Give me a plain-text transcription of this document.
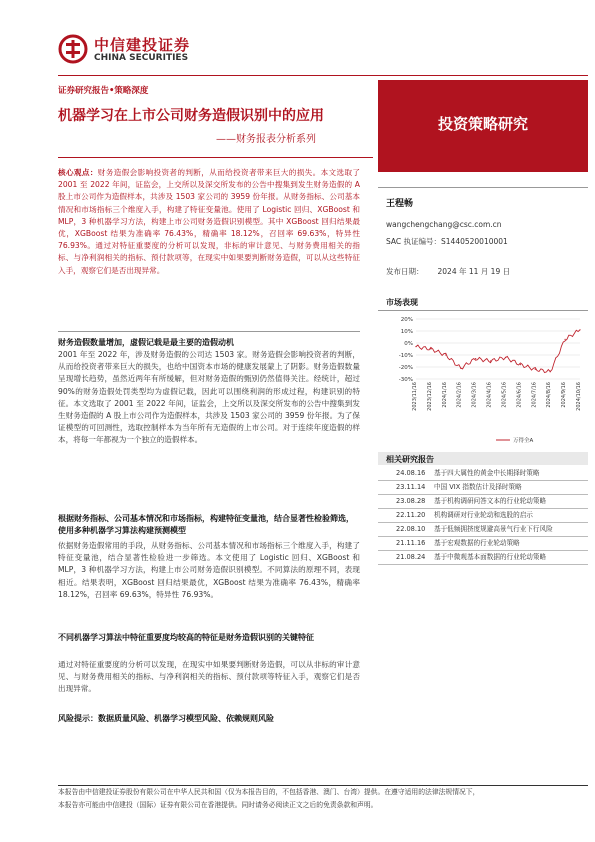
中信建投证券
CHINA SECURITIES
证券研究报告•策略深度
机器学习在上市公司财务造假识别中的应用
——财务报表分析系列
投资策略研究
核心观点：财务造假会影响投资者的判断，从而给投资者带来巨大的损失。本文选取了 2001 至 2022 年间，证监会，上交所以及深交所发布的公告中搜集到发生财务造假的 A 股上市公司作为造假样本，共涉及 1503 家公司的 3959 份年报。从财务指标、公司基本情况和市场指标三个维度入手，构建了特征变量池。使用了 Logistic 回归、XGBoost 和 MLP，3 种机器学习方法，构建上市公司财务造假识别模型。其中 XGBoost 回归结果最优，XGBoost 结果为准确率 76.43%，精确率 18.12%，召回率 69.63%，特异性 76.93%。通过对特征重要度的分析可以发现，非标的审计意见、与财务费用相关的指标、与净利润相关的指标、预付款项等，在现实中如果要判断财务造假，可以从这些特征入手，观察它们是否出现异常。
财务造假数量增加，虚假记载是最主要的造假动机
2001 年至 2022 年，涉及财务造假的公司达 1503 家。财务造假会影响投资者的判断，从而给投资者带来巨大的损失，也给中国资本市场的健康发展蒙上了阴影。财务造假数量呈现增长趋势，虽然近两年有所缓解，但对财务造假的甄别仍然值得关注。经统计，超过 90%的财务造假处罚类型均为虚假记载，因此可以围绕利润的形成过程，构建识别的特征。本文选取了 2001 至 2022 年间，证监会，上交所以及深交所发布的公告中搜集到发生财务造假的 A 股上市公司作为造假样本，共涉及 1503 家公司的 3959 份年报。为了保证模型的可回测性，选取控制样本为当年所有无造假的上市公司。对于连续年度造假的样本，将每一年都视为一个独立的造假样本。
根据财务指标、公司基本情况和市场指标，构建特征变量池，结合显著性检验筛选，使用多种机器学习算法构建预测模型
依据财务造假常用的手段，从财务指标、公司基本情况和市场指标三个维度入手，构建了特征变量池，结合显著性检验进一步筛选。本文使用了 Logistic 回归、XGBoost 和 MLP，3 种机器学习方法，构建上市公司财务造假识别模型。不同算法的原理不同，表现相近。结果表明，XGBoost 回归结果最优，XGBoost 结果为准确率 76.43%，精确率 18.12%，召回率 69.63%，特异性 76.93%。
不同机器学习算法中特征重要度均较高的特征是财务造假识别的关键特征
通过对特征重要度的分析可以发现，在现实中如果要判断财务造假，可以从非标的审计意见、与财务费用相关的指标、与净利润相关的指标、预付款项等特征入手，观察它们是否出现异常。
风险提示：数据质量风险、机器学习模型风险、依赖规则风险
王程畅
wangchengchang@csc.com.cn
SAC 执证编号：S1440520010001
发布日期： 2024 年 11 月 19 日
市场表现
20%
10%
0%
-10%
-20%
-30%
2023/11/16 2023/12/16 2024/1/16 2024/2/16 2024/3/16 2024/4/16 2024/5/16 2024/6/16 2024/7/16 2024/8/16 2024/9/16 2024/10/16
万得全A
相关研究报告
24.08.16	基于四大属性的黄金中长期择时策略
23.11.14	中国 VIX 指数估计及择时策略
23.08.28	基于机构调研问答文本的行业轮动策略
22.11.20	机构调研对行业轮动和选股的启示
22.08.10	基于低频拥挤度规避高景气行业下行风险
21.11.16	基于宏观数据的行业轮动策略
21.08.24	基于中微观基本面数据的行业轮动策略
本报告由中信建投证券股份有限公司在中华人民共和国（仅为本报告目的，不包括香港、澳门、台湾）提供。在遵守适用的法律法规情况下，
本报告亦可能由中信建投（国际）证券有限公司在香港提供。同时请务必阅读正文之后的免责条款和声明。
